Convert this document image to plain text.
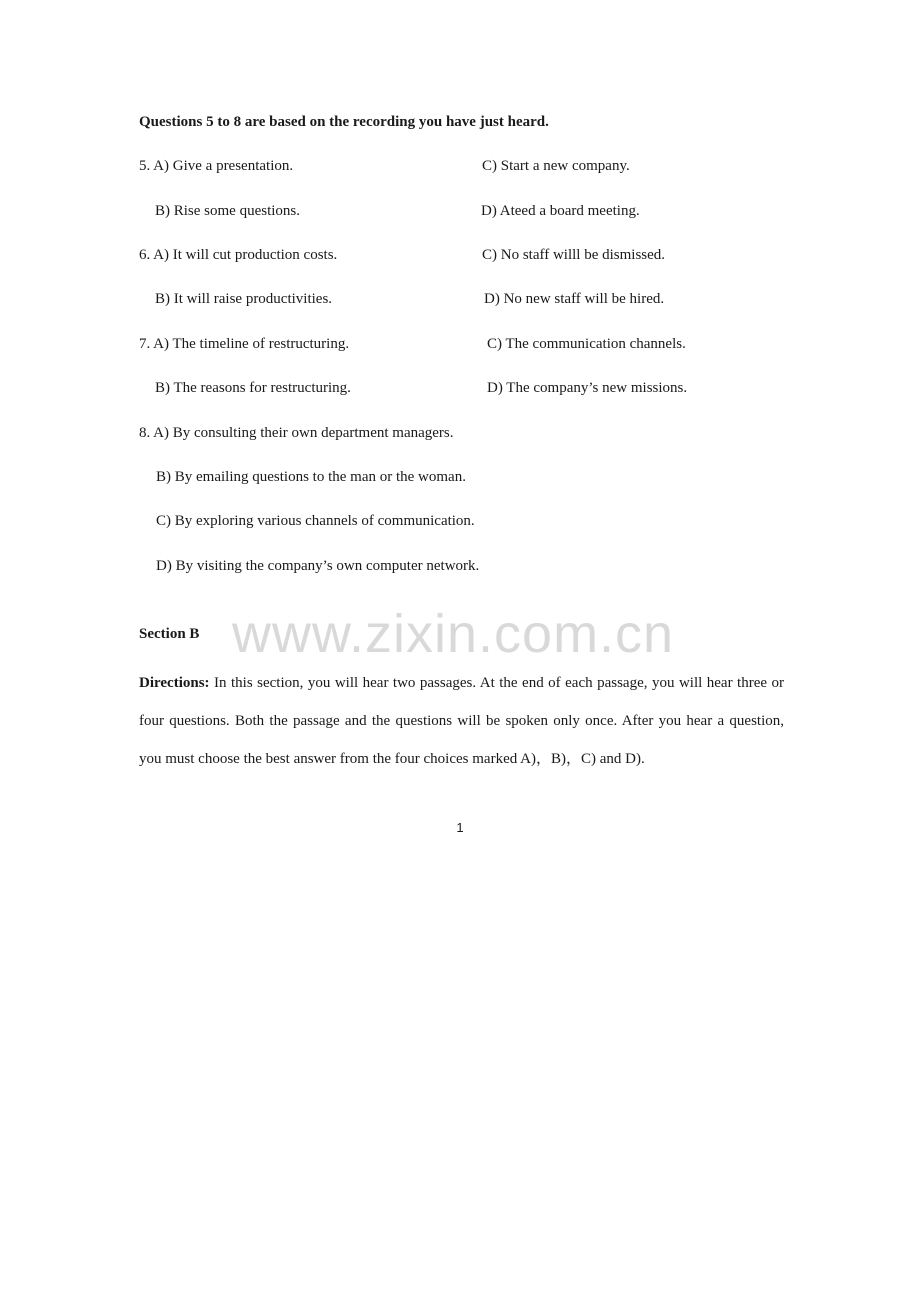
Questions 5 to 8 are based on the recording you have just heard.
5. A) Give a presentation.	C) Start a new company.
B) Rise some questions.	D) Ateed a board meeting.
6. A) It will cut production costs.	C) No staff willl be dismissed.
B) It will raise productivities.	D) No new staff will be hired.
7. A) The timeline of restructuring.	C) The communication channels.
B) The reasons for restructuring.	D) The company’s new missions.
8. A) By consulting their own department managers.
B) By emailing questions to the man or the woman.
C) By exploring various channels of communication.
D) By visiting the company’s own computer network.
www.zixin.com.cn
Section B
Directions: In this section, you will hear two passages. At the end of each passage, you will hear three or four questions. Both the passage and the questions will be spoken only once. After you hear a question, you must choose the best answer from the four choices marked A)，B)，C) and D).
1
